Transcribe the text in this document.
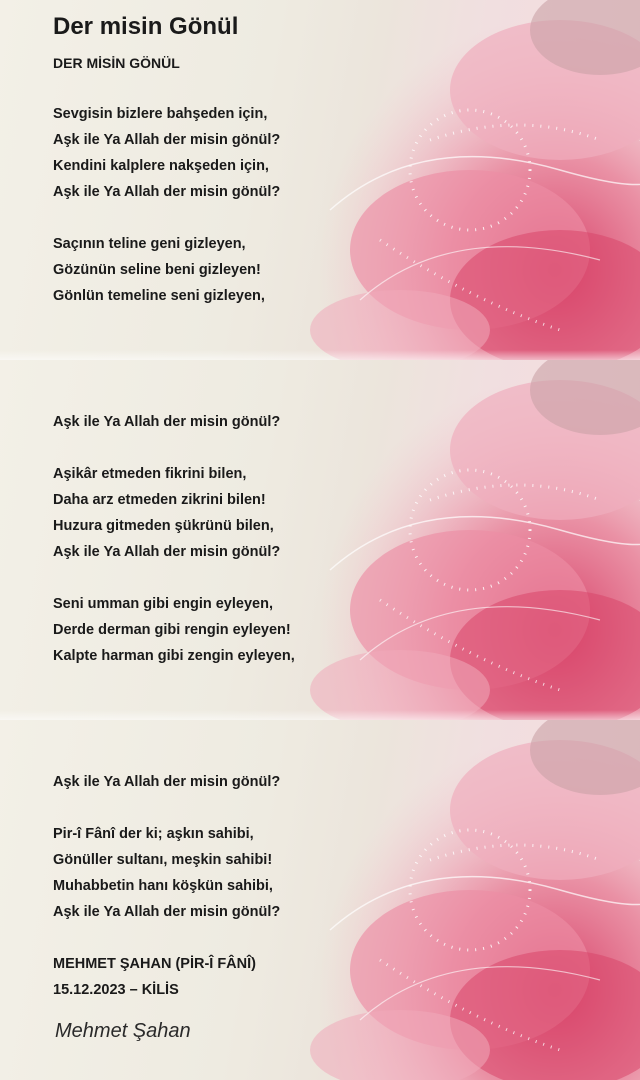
Der misin Gönül

DER MİSİN GÖNÜL

Sevgisin bizlere bahşeden için,

Aşk ile Ya Allah der misin gönül?

Kendini kalplere nakşeden için,

Aşk ile Ya Allah der misin gönül?

Saçının teline geni gizleyen,

Gözünün seline beni gizleyen!

Gönlün temeline seni gizleyen,

Aşk ile Ya Allah der misin gönül?

Aşikâr etmeden fikrini bilen,

Daha arz etmeden zikrini bilen!

Huzura gitmeden şükrünü bilen,

Aşk ile Ya Allah der misin gönül?

Seni umman gibi engin eyleyen,

Derde derman gibi rengin eyleyen!

Kalpte harman gibi zengin eyleyen,

Aşk ile Ya Allah der misin gönül?

Pir-î Fânî der ki; aşkın sahibi,

Gönüller sultanı, meşkin sahibi!

Muhabbetin hanı köşkün sahibi,

Aşk ile Ya Allah der misin gönül?

MEHMET ŞAHAN (PİR-Î FÂNÎ)

15.12.2023 – KİLİS

Mehmet Şahan
